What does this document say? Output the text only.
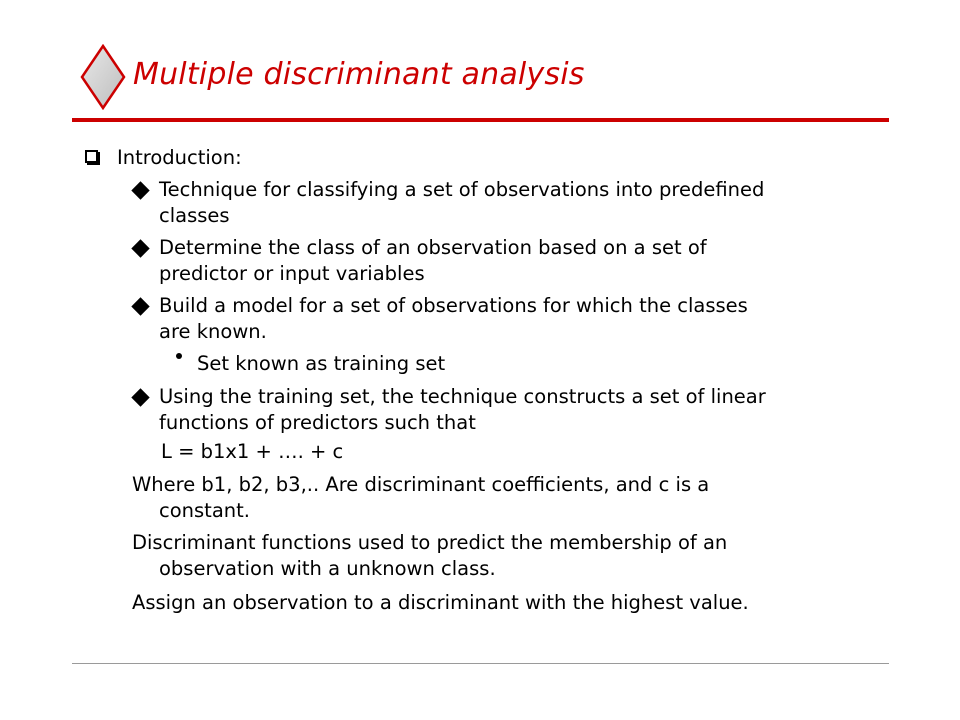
Multiple discriminant analysis
Introduction:
Technique for classifying a set of observations into predefined
classes
Determine the class of an observation based on a set of
predictor or input variables
Build a model for a set of observations for which the classes
are known.
Set known as training set
Using the training set, the technique constructs a set of linear
functions of predictors such that
L = b1x1 + …. + c
Where b1, b2, b3,.. Are discriminant coefficients, and c is a
constant.
Discriminant functions used to predict the membership of an
observation with a unknown class.
Assign an observation to a discriminant with the highest value.
